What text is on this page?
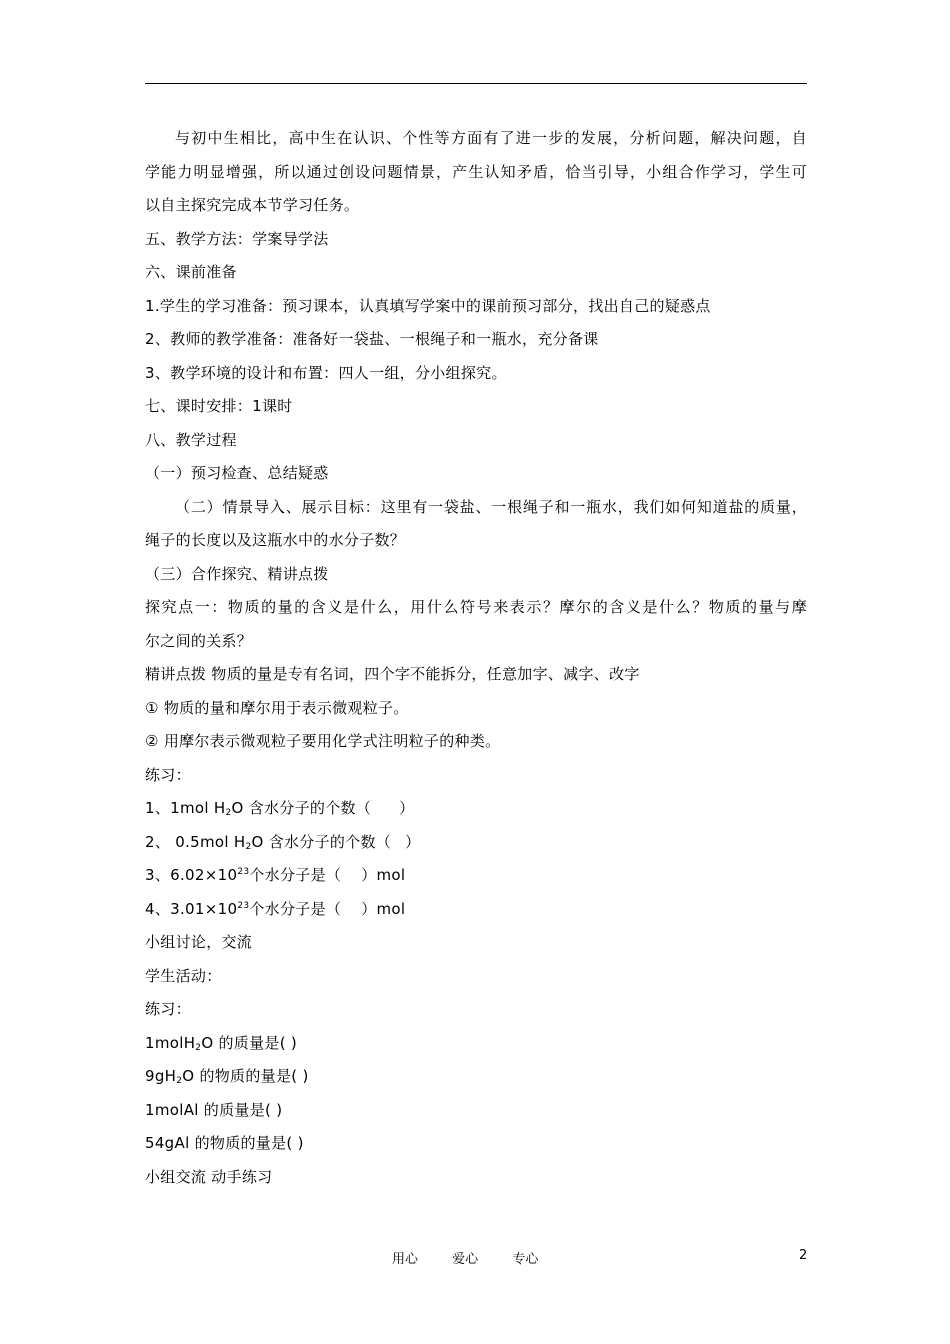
与初中生相比，高中生在认识、个性等方面有了进一步的发展，分析问题，解决问题，自
学能力明显增强，所以通过创设问题情景，产生认知矛盾，恰当引导，小组合作学习，学生可
以自主探究完成本节学习任务。
五、教学方法：学案导学法
六、课前准备
1.学生的学习准备：预习课本，认真填写学案中的课前预习部分，找出自己的疑惑点
2、教师的教学准备：准备好一袋盐、一根绳子和一瓶水，充分备课
3、教学环境的设计和布置：四人一组，分小组探究。
七、课时安排：1课时
八、教学过程
（一）预习检查、总结疑惑
（二）情景导入、展示目标：这里有一袋盐、一根绳子和一瓶水，我们如何知道盐的质量，
绳子的长度以及这瓶水中的水分子数？
（三）合作探究、精讲点拨
探究点一：物质的量的含义是什么，用什么符号来表示？摩尔的含义是什么？物质的量与摩
尔之间的关系？
精讲点拨 物质的量是专有名词，四个字不能拆分，任意加字、减字、改字
① 物质的量和摩尔用于表示微观粒子。
② 用摩尔表示微观粒子要用化学式注明粒子的种类。
练习：
1、1mol $H_2O$ 含水分子的个数（ ）
2、 0.5mol $H_2O$ 含水分子的个数（ ）
3、$6.02\times 10^{23}$个水分子是（ ）mol
4、$3.01\times 10^{23}$个水分子是（ ）mol
小组讨论，交流
学生活动：
练习：
1molH$_2$O 的质量是( )
$9gH_2O$ 的物质的量是( )
1molAl 的质量是( )
54gAl 的物质的量是( )
小组交流 动手练习
用心	爱心	专心	2
